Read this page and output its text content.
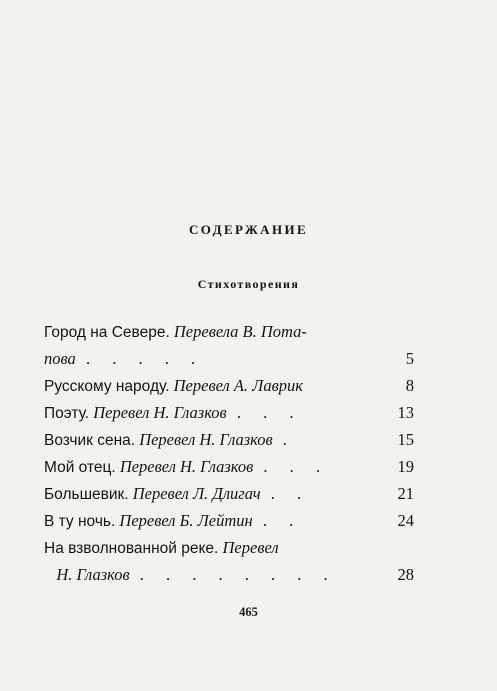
СОДЕРЖАНИЕ
Стихотворения
Город на Севере. Перевела В. Пота-
пова . . . . .	5
Русскому народу. Перевел А. Лаврик	8
Поэту. Перевел Н. Глазков . . .	13
Возчик сена. Перевел Н. Глазков .	15
Мой отец. Перевел Н. Глазков . . .	19
Большевик. Перевел Л. Длигач . .	21
В ту ночь. Перевел Б. Лейтин . .	24
На взволнованной реке. Перевел
Н. Глазков . . . . . . . .	28
465
